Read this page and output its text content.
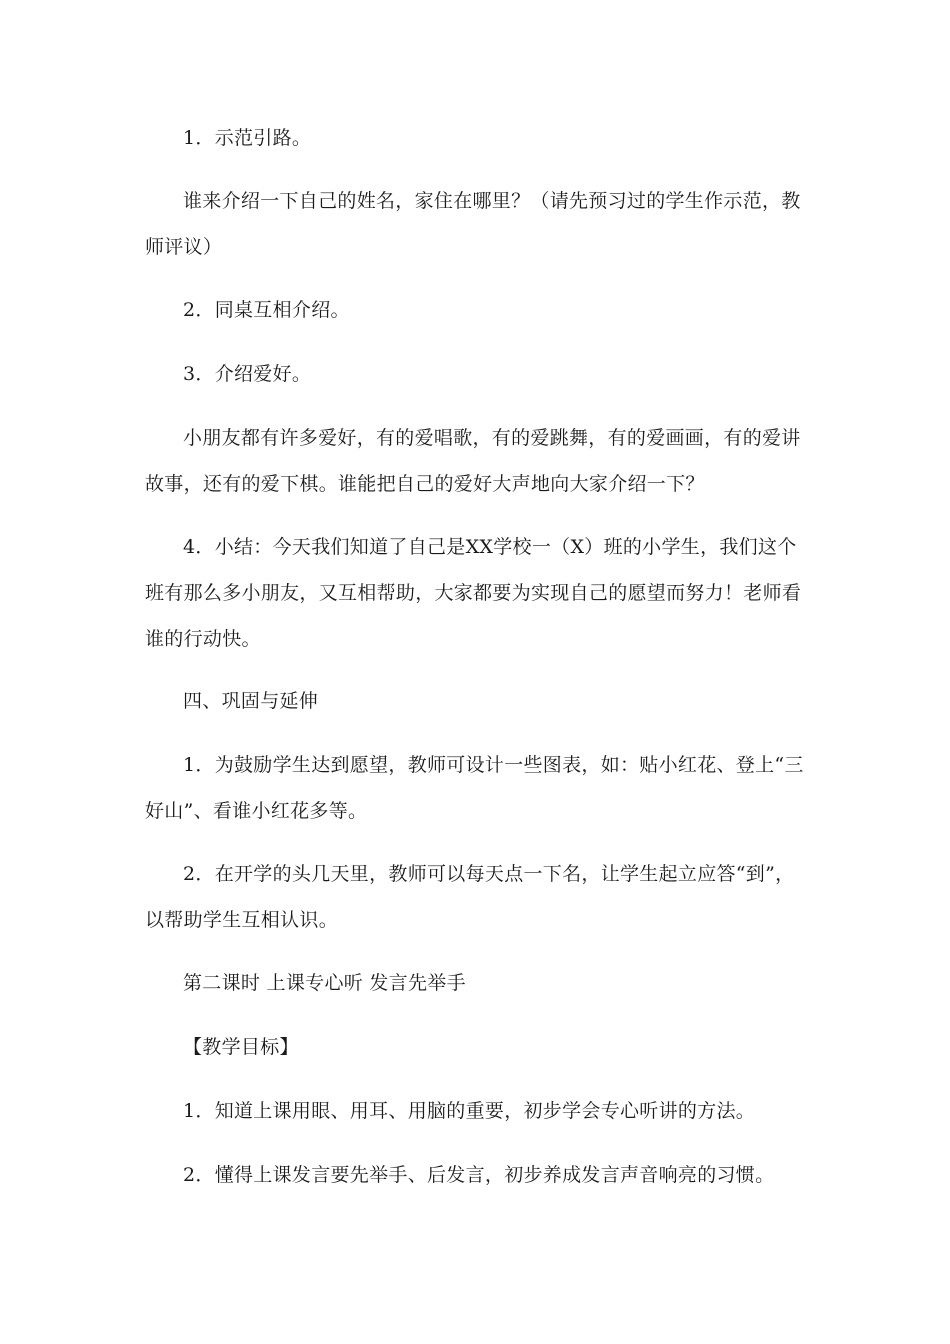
1．示范引路。

谁来介绍一下自己的姓名，家住在哪里？（请先预习过的学生作示范，教师评议）

2．同桌互相介绍。

3．介绍爱好。

小朋友都有许多爱好，有的爱唱歌，有的爱跳舞，有的爱画画，有的爱讲故事，还有的爱下棋。谁能把自己的爱好大声地向大家介绍一下？

4．小结：今天我们知道了自己是XX学校一（X）班的小学生，我们这个班有那么多小朋友，又互相帮助，大家都要为实现自己的愿望而努力！老师看谁的行动快。

四、巩固与延伸

1．为鼓励学生达到愿望，教师可设计一些图表，如：贴小红花、登上“三好山”、看谁小红花多等。

2．在开学的头几天里，教师可以每天点一下名，让学生起立应答“到”，以帮助学生互相认识。

第二课时 上课专心听 发言先举手

【教学目标】

1．知道上课用眼、用耳、用脑的重要，初步学会专心听讲的方法。

2．懂得上课发言要先举手、后发言，初步养成发言声音响亮的习惯。
